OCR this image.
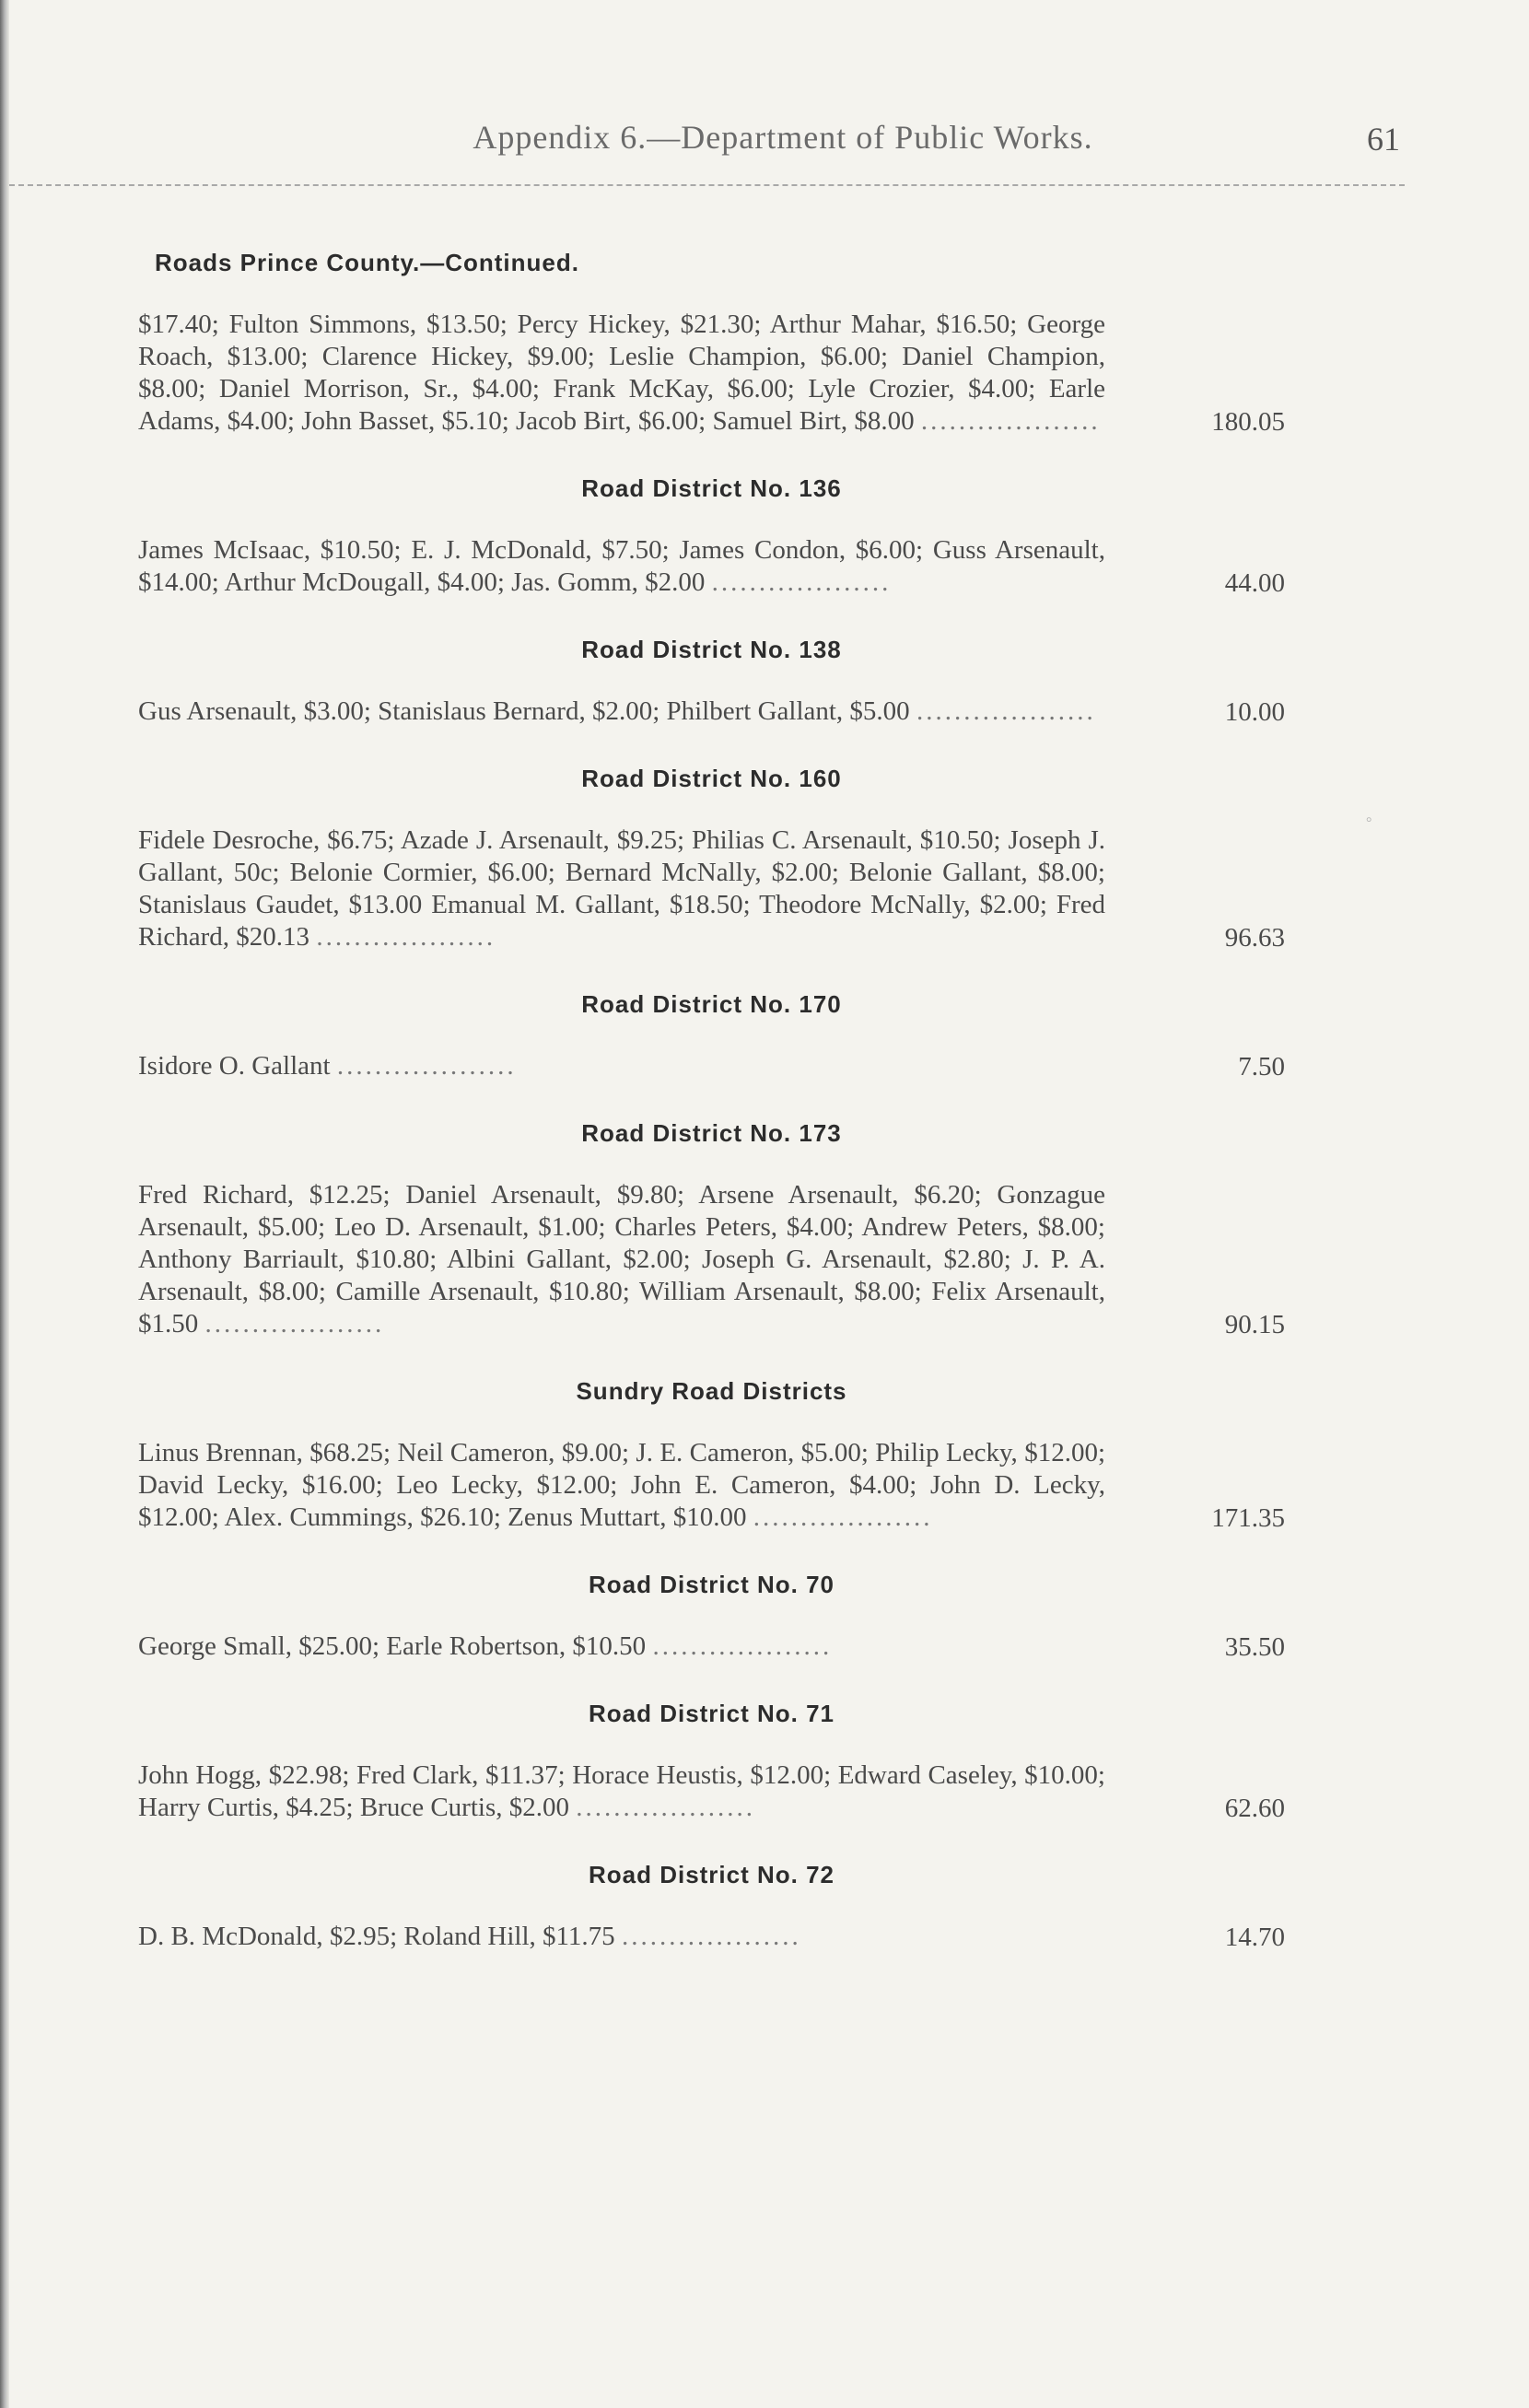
Appendix 6.—Department of Public Works.	61
°
Roads Prince County.—Continued.

$17.40; Fulton Simmons, $13.50; Percy Hickey, $21.30; Arthur Mahar, $16.50; George Roach, $13.00; Clarence Hickey, $9.00; Leslie Champion, $6.00; Daniel Champion, $8.00; Daniel Morrison, Sr., $4.00; Frank McKay, $6.00; Lyle Crozier, $4.00; Earle Adams, $4.00; John Basset, $5.10; Jacob Birt, $6.00; Samuel Birt, $8.00 ...................	180.05
Road District No. 136

James McIsaac, $10.50; E. J. McDonald, $7.50; James Condon, $6.00; Guss Arsenault, $14.00; Arthur McDougall, $4.00; Jas. Gomm, $2.00 ...................	44.00
Road District No. 138

Gus Arsenault, $3.00; Stanislaus Bernard, $2.00; Philbert Gallant, $5.00 ...................	10.00
Road District No. 160

Fidele Desroche, $6.75; Azade J. Arsenault, $9.25; Philias C. Arsenault, $10.50; Joseph J. Gallant, 50c; Belonie Cormier, $6.00; Bernard McNally, $2.00; Belonie Gallant, $8.00; Stanislaus Gaudet, $13.00 Emanual M. Gallant, $18.50; Theodore McNally, $2.00; Fred Richard, $20.13 ...................	96.63
Road District No. 170

Isidore O. Gallant ...................	7.50
Road District No. 173

Fred Richard, $12.25; Daniel Arsenault, $9.80; Arsene Arsenault, $6.20; Gonzague Arsenault, $5.00; Leo D. Arsenault, $1.00; Charles Peters, $4.00; Andrew Peters, $8.00; Anthony Barriault, $10.80; Albini Gallant, $2.00; Joseph G. Arsenault, $2.80; J. P. A. Arsenault, $8.00; Camille Arsenault, $10.80; William Arsenault, $8.00; Felix Arsenault, $1.50 ...................	90.15
Sundry Road Districts

Linus Brennan, $68.25; Neil Cameron, $9.00; J. E. Cameron, $5.00; Philip Lecky, $12.00; David Lecky, $16.00; Leo Lecky, $12.00; John E. Cameron, $4.00; John D. Lecky, $12.00; Alex. Cummings, $26.10; Zenus Muttart, $10.00 ...................	171.35
Road District No. 70

George Small, $25.00; Earle Robertson, $10.50 ...................	35.50
Road District No. 71

John Hogg, $22.98; Fred Clark, $11.37; Horace Heustis, $12.00; Edward Caseley, $10.00; Harry Curtis, $4.25; Bruce Curtis, $2.00 ...................	62.60
Road District No. 72

D. B. McDonald, $2.95; Roland Hill, $11.75 ...................	14.70
